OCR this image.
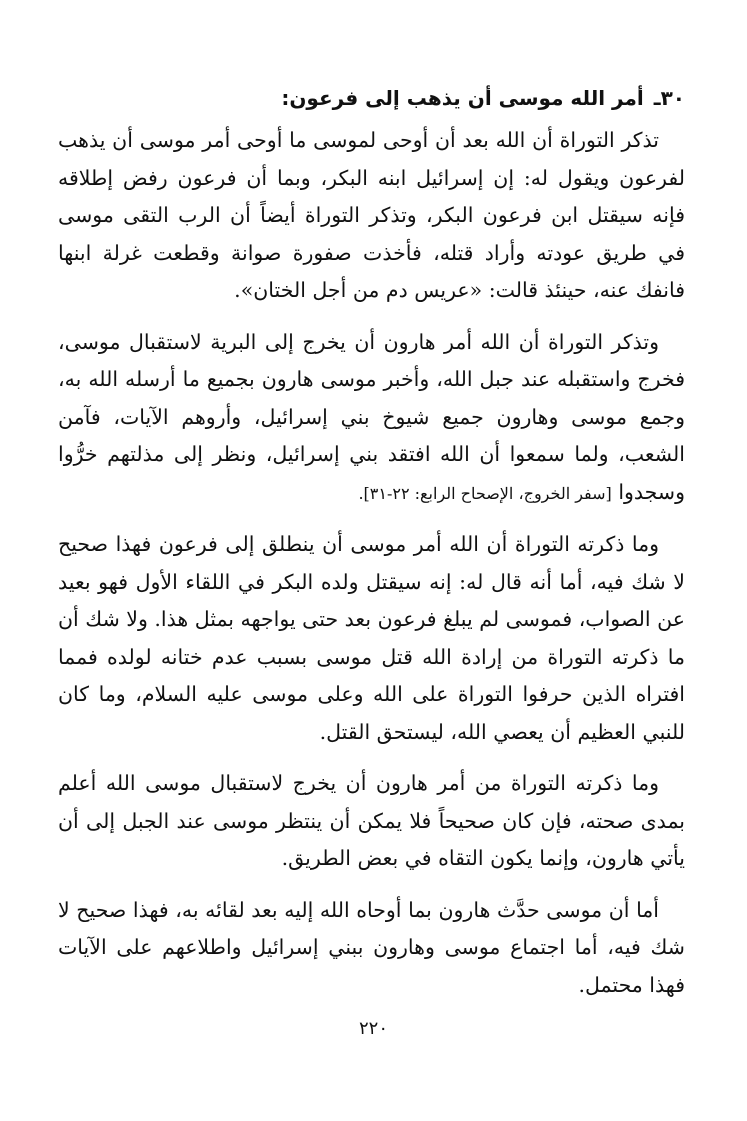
٣٠ـ
أمر الله موسى أن يذهب إلى فرعون:

تذكر التوراة أن الله بعد أن أوحى لموسى ما أوحى أمر موسى أن يذهب لفرعون ويقول له: إن إسرائيل ابنه البكر، وبما أن فرعون رفض إطلاقه فإنه سيقتل ابن فرعون البكر، وتذكر التوراة أيضاً أن الرب التقى موسى في طريق عودته وأراد قتله، فأخذت صفورة صوانة وقطعت غرلة ابنها فانفك عنه، حينئذ قالت: «عريس دم من أجل الختان».

وتذكر التوراة أن الله أمر هارون أن يخرج إلى البرية لاستقبال موسى، فخرج واستقبله عند جبل الله، وأخبر موسى هارون بجميع ما أرسله الله به، وجمع موسى وهارون جميع شيوخ بني إسرائيل، وأروهم الآيات، فآمن الشعب، ولما سمعوا أن الله افتقد بني إسرائيل، ونظر إلى مذلتهم خرُّوا وسجدوا [سفر الخروج، الإصحاح الرابع: ٢٢-٣١].

وما ذكرته التوراة أن الله أمر موسى أن ينطلق إلى فرعون فهذا صحيح لا شك فيه، أما أنه قال له: إنه سيقتل ولده البكر في اللقاء الأول فهو بعيد عن الصواب، فموسى لم يبلغ فرعون بعد حتى يواجهه بمثل هذا. ولا شك أن ما ذكرته التوراة من إرادة الله قتل موسى بسبب عدم ختانه لولده فمما افتراه الذين حرفوا التوراة على الله وعلى موسى عليه السلام، وما كان للنبي العظيم أن يعصي الله، ليستحق القتل.

وما ذكرته التوراة من أمر هارون أن يخرج لاستقبال موسى الله أعلم بمدى صحته، فإن كان صحيحاً فلا يمكن أن ينتظر موسى عند الجبل إلى أن يأتي هارون، وإنما يكون التقاه في بعض الطريق.

أما أن موسى حدَّث هارون بما أوحاه الله إليه بعد لقائه به، فهذا صحيح لا شك فيه، أما اجتماع موسى وهارون ببني إسرائيل واطلاعهم على الآيات فهذا محتمل.

٢٢٠
